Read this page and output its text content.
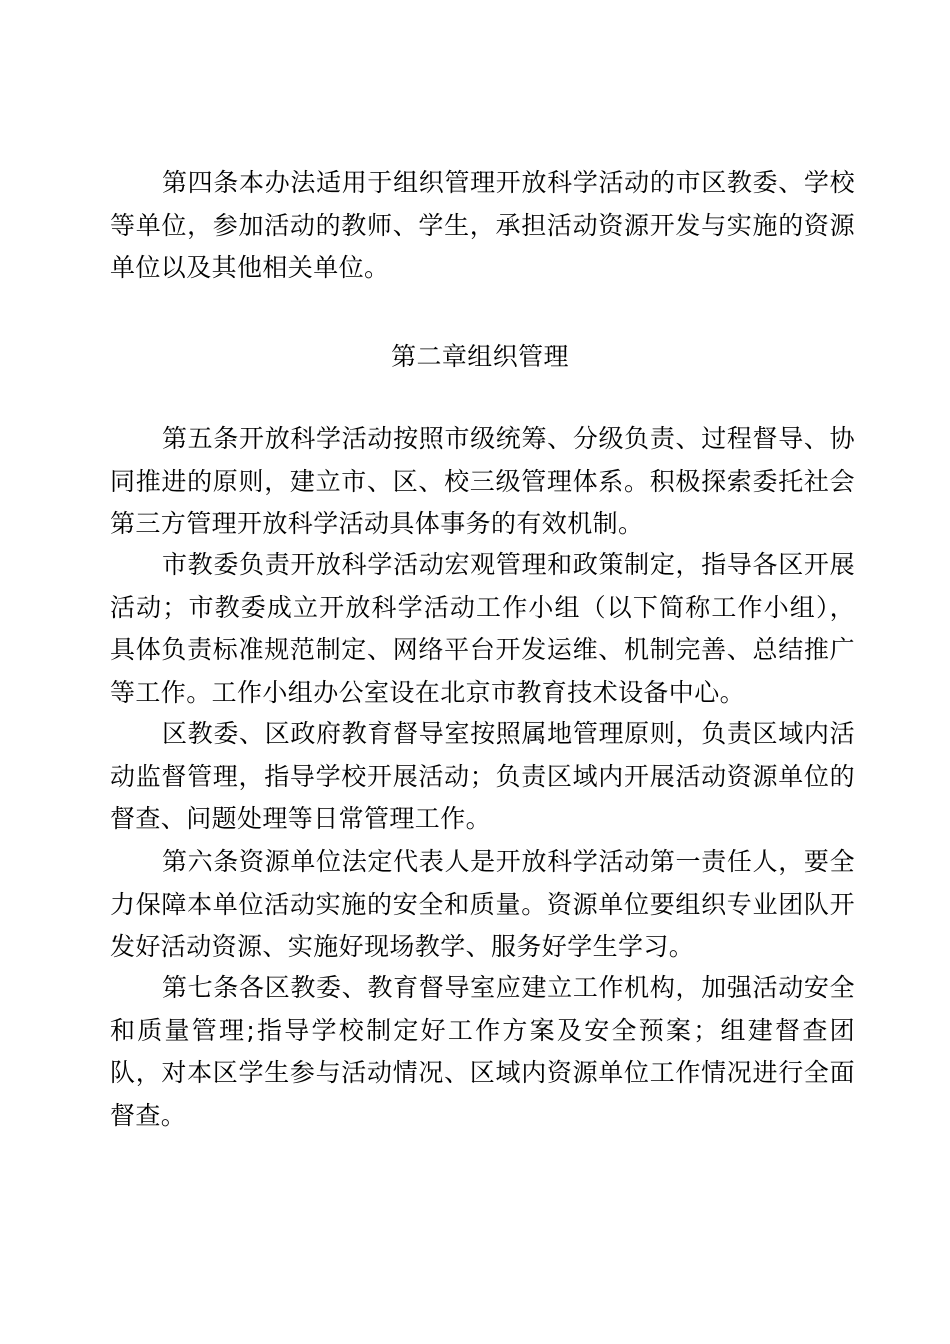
第四条本办法适用于组织管理开放科学活动的市区教委、学校等单位，参加活动的教师、学生，承担活动资源开发与实施的资源单位以及其他相关单位。

第二章组织管理

第五条开放科学活动按照市级统筹、分级负责、过程督导、协同推进的原则，建立市、区、校三级管理体系。积极探索委托社会第三方管理开放科学活动具体事务的有效机制。

市教委负责开放科学活动宏观管理和政策制定，指导各区开展活动；市教委成立开放科学活动工作小组（以下简称工作小组），具体负责标准规范制定、网络平台开发运维、机制完善、总结推广等工作。工作小组办公室设在北京市教育技术设备中心。

区教委、区政府教育督导室按照属地管理原则，负责区域内活动监督管理，指导学校开展活动；负责区域内开展活动资源单位的督查、问题处理等日常管理工作。

第六条资源单位法定代表人是开放科学活动第一责任人，要全力保障本单位活动实施的安全和质量。资源单位要组织专业团队开发好活动资源、实施好现场教学、服务好学生学习。

第七条各区教委、教育督导室应建立工作机构，加强活动安全和质量管理;指导学校制定好工作方案及安全预案；组建督查团队，对本区学生参与活动情况、区域内资源单位工作情况进行全面督查。
